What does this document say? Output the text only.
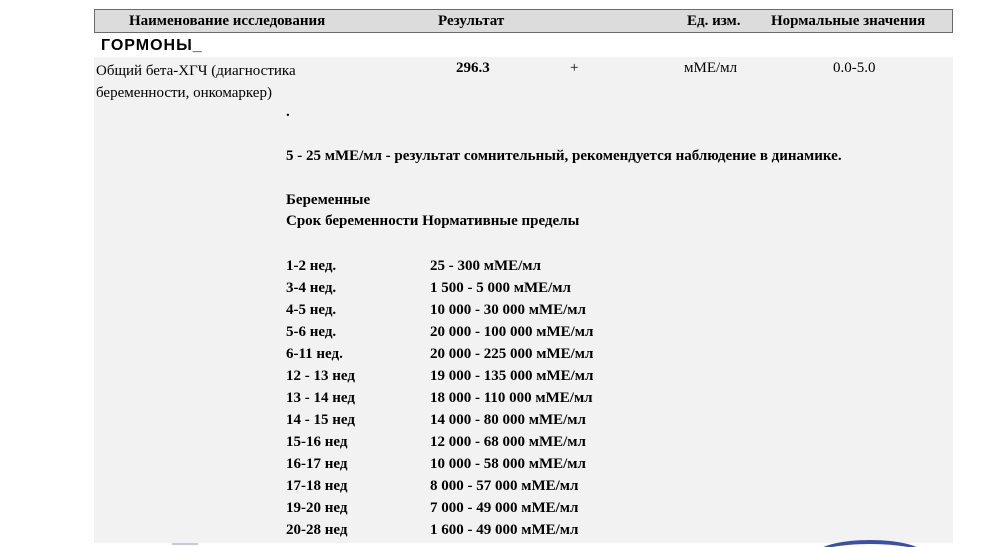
Наименование исследования	Результат	Ед. изм. Нормальные значения
ГОРМОНЫ_
Общий бета-ХГЧ (диагностика беременности, онкомаркер)
296.3	+	мМЕ/мл	0.0-5.0
.
5 - 25 мМЕ/мл - результат сомнительный, рекомендуется наблюдение в динамике.
Беременные
Срок беременности Нормативные пределы
1-2 нед.	25 - 300 мМЕ/мл
3-4 нед.	1 500 - 5 000 мМЕ/мл
4-5 нед.	10 000 - 30 000 мМЕ/мл
5-6 нед.	20 000 - 100 000 мМЕ/мл
6-11 нед.	20 000 - 225 000 мМЕ/мл
12 - 13 нед	19 000 - 135 000 мМЕ/мл
13 - 14 нед	18 000 - 110 000 мМЕ/мл
14 - 15 нед	14 000 - 80 000 мМЕ/мл
15-16 нед	12 000 - 68 000 мМЕ/мл
16-17 нед	10 000 - 58 000 мМЕ/мл
17-18 нед	8 000 - 57 000 мМЕ/мл
19-20 нед	7 000 - 49 000 мМЕ/мл
20-28 нед	1 600 - 49 000 мМЕ/мл
